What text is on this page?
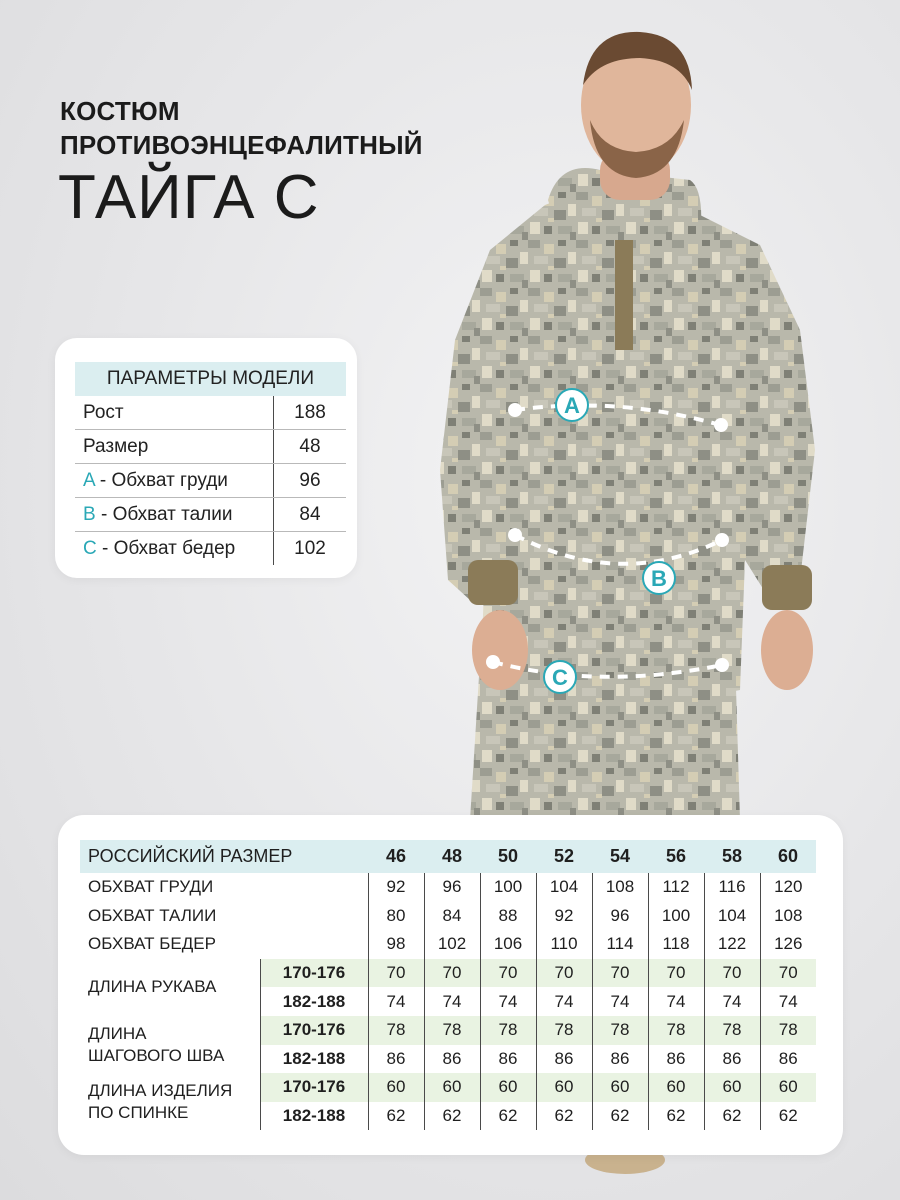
A
B
C
КОСТЮМ
ПРОТИВОЭНЦЕФАЛИТНЫЙ
ТАЙГА С
ПАРАМЕТРЫ МОДЕЛИ	
Рост	188
Размер	48
A - Обхват груди	96
B - Обхват талии	84
C - Обхват бедер	102
РОССИЙСКИЙ РАЗМЕР		46	48	50	52	54	56	58	60
ОБХВАТ ГРУДИ		92	96	100	104	108	112	116	120
ОБХВАТ ТАЛИИ		80	84	88	92	96	100	104	108
ОБХВАТ БЕДЕР		98	102	106	110	114	118	122	126
ДЛИНА РУКАВА	170-176	70	70	70	70	70	70	70	70
	182-188	74	74	74	74	74	74	74	74

ДЛИНА
ШАГОВОГО ШВА	170-176	78	78	78	78	78	78	78	78
	182-188	86	86	86	86	86	86	86	86

ДЛИНА ИЗДЕЛИЯ
ПО СПИНКЕ	170-176	60	60	60	60	60	60	60	60
	182-188	62	62	62	62	62	62	62	62
